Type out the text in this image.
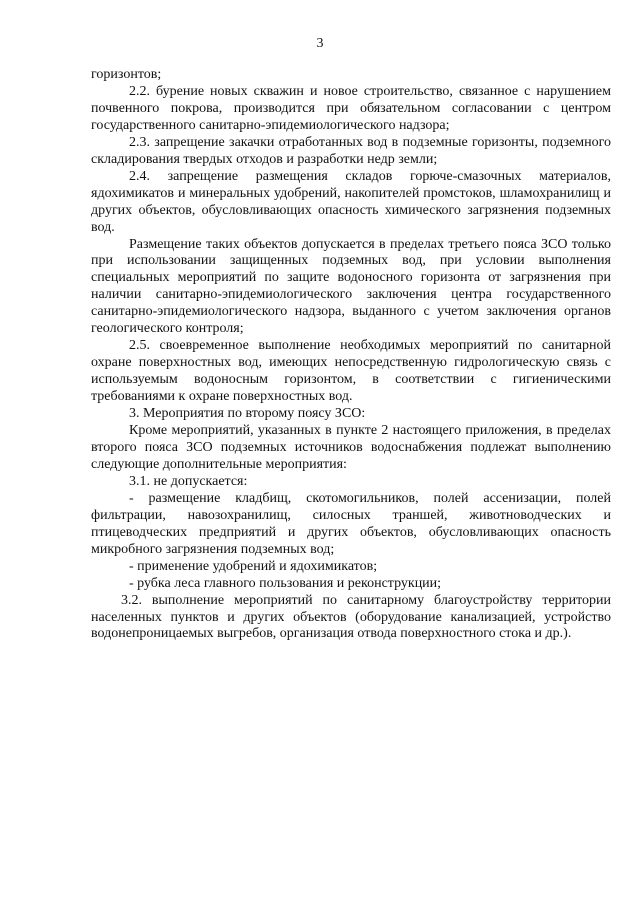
3

горизонтов;

2.2. бурение новых скважин и новое строительство, связанное с нарушением почвенного покрова, производится при обязательном согласовании с центром государственного санитарно-эпидемиологического надзора;

2.3. запрещение закачки отработанных вод в подземные горизонты, подземного складирования твердых отходов и разработки недр земли;

2.4. запрещение размещения складов горюче-смазочных материалов, ядохимикатов и минеральных удобрений, накопителей промстоков, шламохранилищ и других объектов, обусловливающих опасность химического загрязнения подземных вод.

Размещение таких объектов допускается в пределах третьего пояса ЗСО только при использовании защищенных подземных вод, при условии выполнения специальных мероприятий по защите водоносного горизонта от загрязнения при наличии санитарно-эпидемиологического заключения центра государственного санитарно-эпидемиологического надзора, выданного с учетом заключения органов геологического контроля;

2.5. своевременное выполнение необходимых мероприятий по санитарной охране поверхностных вод, имеющих непосредственную гидрологическую связь с используемым водоносным горизонтом, в соответствии с гигиеническими требованиями к охране поверхностных вод.

3. Мероприятия по второму поясу ЗСО:

Кроме мероприятий, указанных в пункте 2 настоящего приложения, в пределах второго пояса ЗСО подземных источников водоснабжения подлежат выполнению следующие дополнительные мероприятия:

3.1. не допускается:

- размещение кладбищ, скотомогильников, полей ассенизации, полей фильтрации, навозохранилищ, силосных траншей, животноводческих и птицеводческих предприятий и других объектов, обусловливающих опасность микробного загрязнения подземных вод;

- применение удобрений и ядохимикатов;

- рубка леса главного пользования и реконструкции;

3.2. выполнение мероприятий по санитарному благоустройству территории населенных пунктов и других объектов (оборудование канализацией, устройство водонепроницаемых выгребов, организация отвода поверхностного стока и др.).
